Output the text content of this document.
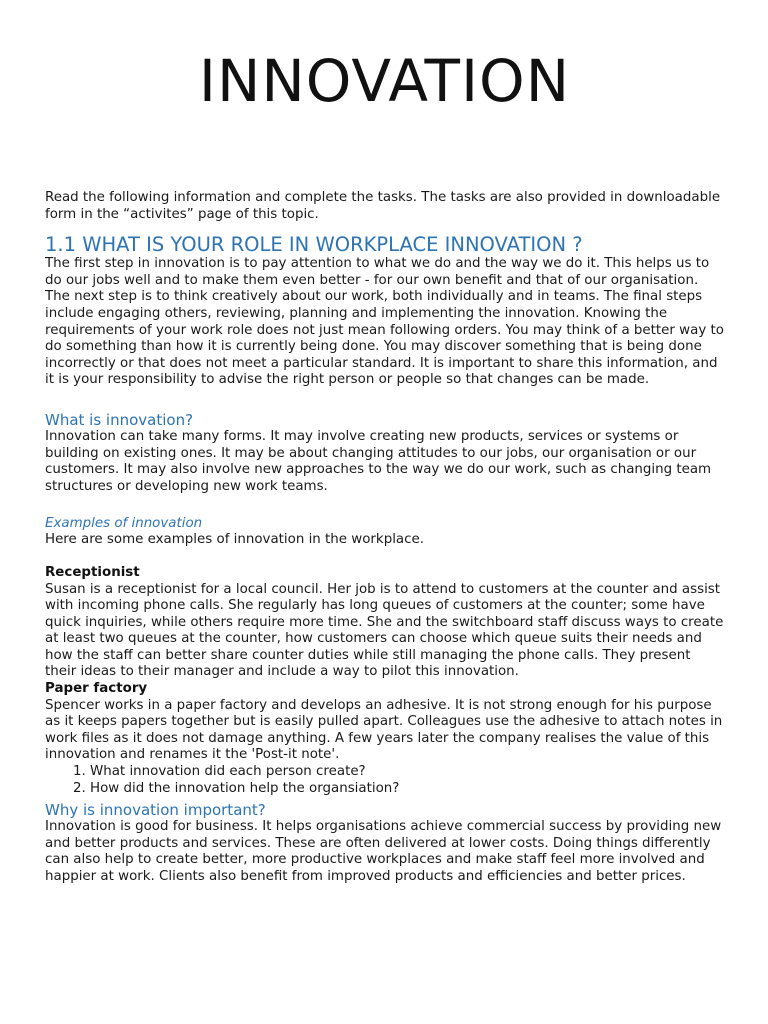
INNOVATION

Read the following information and complete the tasks. The tasks are also provided in downloadable form in the “activites” page of this topic.

1.1 WHAT IS YOUR ROLE IN WORKPLACE INNOVATION ?

The first step in innovation is to pay attention to what we do and the way we do it. This helps us to do our jobs well and to make them even better - for our own benefit and that of our organisation. The next step is to think creatively about our work, both individually and in teams. The final steps include engaging others, reviewing, planning and implementing the innovation. Knowing the requirements of your work role does not just mean following orders. You may think of a better way to do something than how it is currently being done. You may discover something that is being done incorrectly or that does not meet a particular standard. It is important to share this information, and it is your responsibility to advise the right person or people so that changes can be made.

What is innovation?

Innovation can take many forms. It may involve creating new products, services or systems or building on existing ones. It may be about changing attitudes to our jobs, our organisation or our customers. It may also involve new approaches to the way we do our work, such as changing team structures or developing new work teams.

Examples of innovation

Here are some examples of innovation in the workplace.

Receptionist

Susan is a receptionist for a local council. Her job is to attend to customers at the counter and assist with incoming phone calls. She regularly has long queues of customers at the counter; some have quick inquiries, while others require more time. She and the switchboard staff discuss ways to create at least two queues at the counter, how customers can choose which queue suits their needs and how the staff can better share counter duties while still managing the phone calls. They present their ideas to their manager and include a way to pilot this innovation.

Paper factory

Spencer works in a paper factory and develops an adhesive. It is not strong enough for his purpose as it keeps papers together but is easily pulled apart. Colleagues use the adhesive to attach notes in work files as it does not damage anything. A few years later the company realises the value of this innovation and renames it the 'Post-it note'.

1. What innovation did each person create?
2. How did the innovation help the organsiation?
Why is innovation important?

Innovation is good for business. It helps organisations achieve commercial success by providing new and better products and services. These are often delivered at lower costs. Doing things differently can also help to create better, more productive workplaces and make staff feel more involved and happier at work. Clients also benefit from improved products and efficiencies and better prices.
